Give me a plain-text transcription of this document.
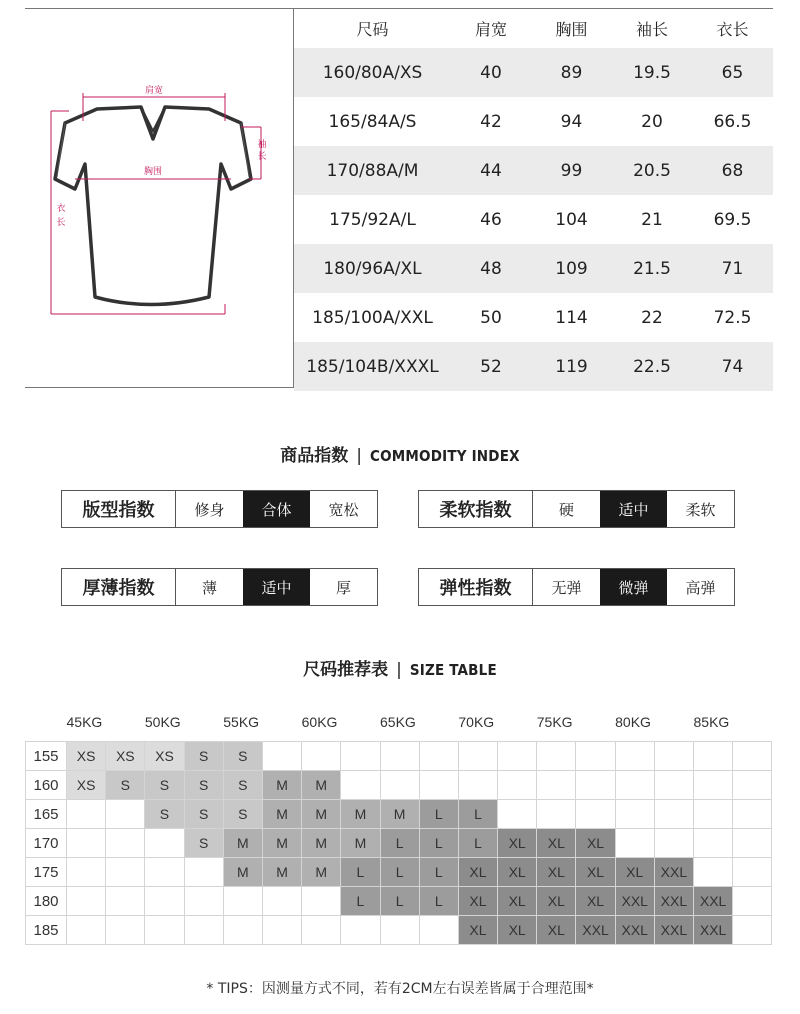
肩宽
胸围
袖长
衣长
尺码	肩宽	胸围	袖长	衣长
160/80A/XS	40	89	19.5	65
165/84A/S	42	94	20	66.5
170/88A/M	44	99	20.5	68
175/92A/L	46	104	21	69.5
180/96A/XL	48	109	21.5	71
185/100A/XXL	50	114	22	72.5
185/104B/XXXL	52	119	22.5	74
商品指数 | COMMODITY INDEX
版型指数	修身	合体	宽松	柔软指数	硬	适中	柔软
厚薄指数	薄	适中	厚	弹性指数	无弹	微弹	高弹
尺码推荐表 | SIZE TABLE
	45KG		50KG		55KG		60KG		65KG		70KG		75KG		80KG		85KG	
155	XS	XS	XS	S	S													
160	XS	S	S	S	S	M	M											
165			S	S	S	M	M	M	M	L	L							
170				S	M	M	M	M	L	L	L	XL	XL	XL				
175					M	M	M	L	L	L	XL	XL	XL	XL	XL	XXL		
180								L	L	L	XL	XL	XL	XL	XXL	XXL	XXL	
185											XL	XL	XL	XXL	XXL	XXL	XXL	
* TIPS：因测量方式不同，若有2CM左右误差皆属于合理范围*
